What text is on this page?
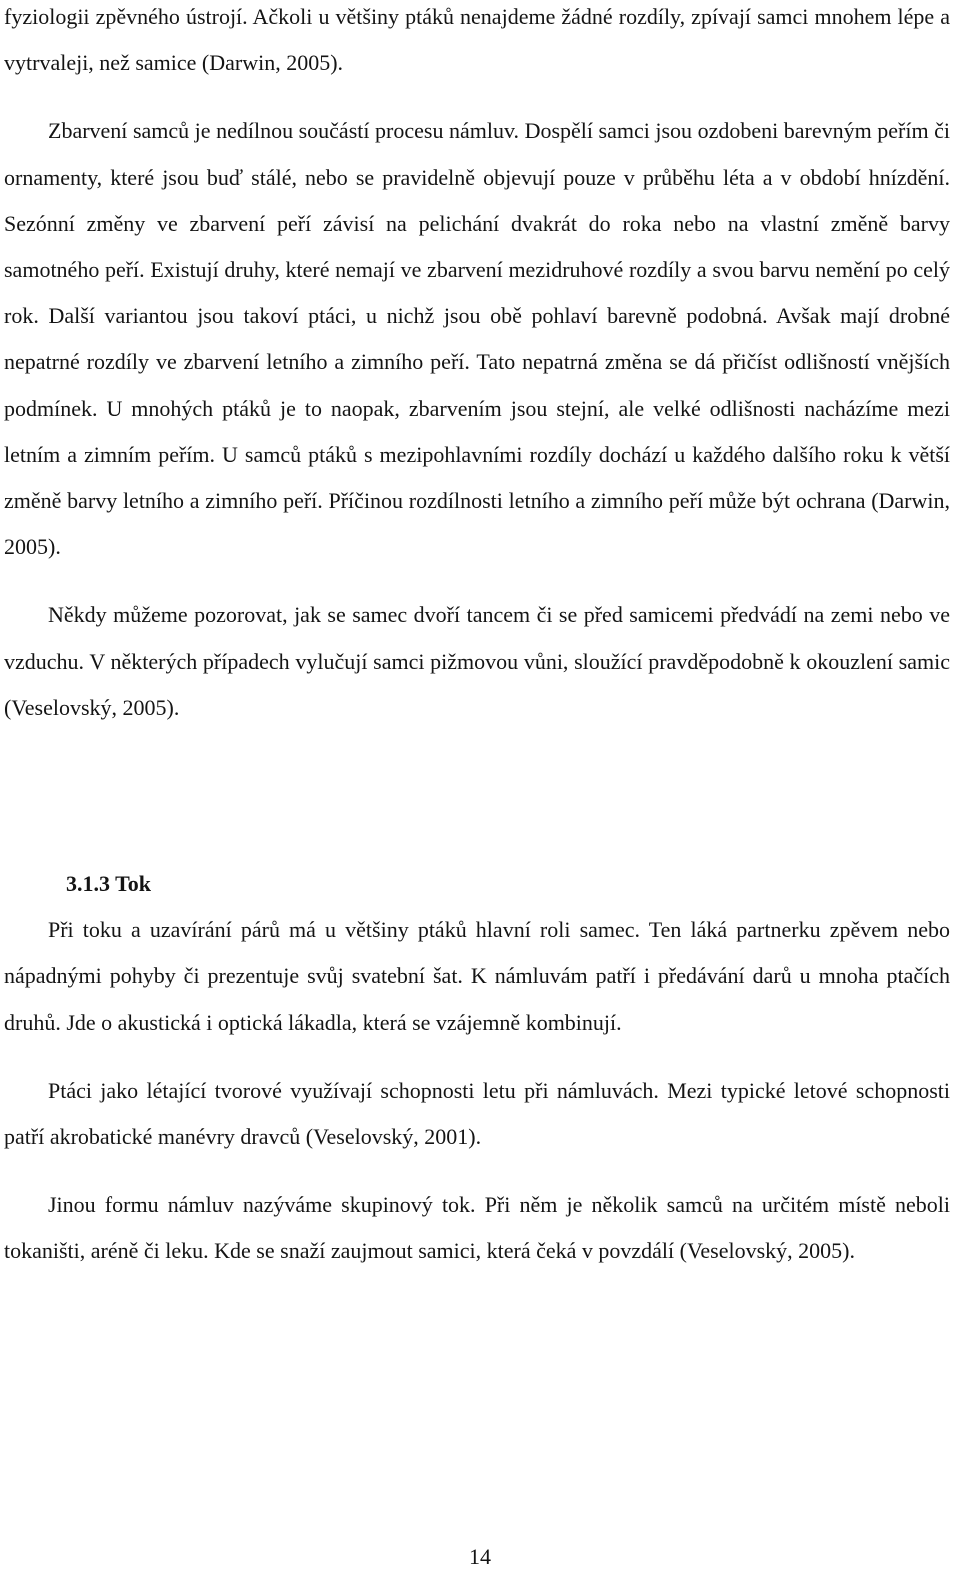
fyziologii zpěvného ústrojí. Ačkoli u většiny ptáků nenajdeme žádné rozdíly, zpívají samci mnohem lépe a vytrvaleji, než samice (Darwin, 2005).

Zbarvení samců je nedílnou součástí procesu námluv. Dospělí samci jsou ozdobeni barevným peřím či ornamenty, které jsou buď stálé, nebo se pravidelně objevují pouze v průběhu léta a v období hnízdění. Sezónní změny ve zbarvení peří závisí na pelichání dvakrát do roka nebo na vlastní změně barvy samotného peří. Existují druhy, které nemají ve zbarvení mezidruhové rozdíly a svou barvu nemění po celý rok. Další variantou jsou takoví ptáci, u nichž jsou obě pohlaví barevně podobná. Avšak mají drobné nepatrné rozdíly ve zbarvení letního a zimního peří. Tato nepatrná změna se dá přičíst odlišností vnějších podmínek. U mnohých ptáků je to naopak, zbarvením jsou stejní, ale velké odlišnosti nacházíme mezi letním a zimním peřím. U samců ptáků s mezipohlavními rozdíly dochází u každého dalšího roku k větší změně barvy letního a zimního peří. Příčinou rozdílnosti letního a zimního peří může být ochrana (Darwin, 2005).

Někdy můžeme pozorovat, jak se samec dvoří tancem či se před samicemi předvádí na zemi nebo ve vzduchu. V některých případech vylučují samci pižmovou vůni, sloužící pravděpodobně k okouzlení samic (Veselovský, 2005).

3.1.3 Tok

Při toku a uzavírání párů má u většiny ptáků hlavní roli samec. Ten láká partnerku zpěvem nebo nápadnými pohyby či prezentuje svůj svatební šat. K námluvám patří i předávání darů u mnoha ptačích druhů. Jde o akustická i optická lákadla, která se vzájemně kombinují.

Ptáci jako létající tvorové využívají schopnosti letu při námluvách. Mezi typické letové schopnosti patří akrobatické manévry dravců (Veselovský, 2001).

Jinou formu námluv nazýváme skupinový tok. Při něm je několik samců na určitém místě neboli tokaništi, aréně či leku. Kde se snaží zaujmout samici, která čeká v povzdálí (Veselovský, 2005).

14
